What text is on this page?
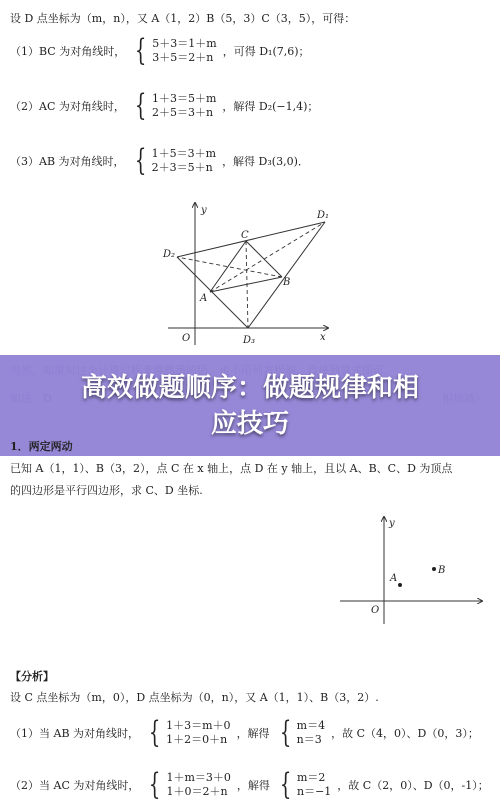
设 D 点坐标为（m，n），又 A（1，2）B（5，3）C（3，5），可得：
（1）BC 为对角线时， { 5＋3＝1＋m
3＋5＝2＋n ，可得 D₁(7,6)；
（2）AC 为对角线时， { 1＋3＝5＋m
2＋5＝3＋n ，解得 D₂(−1,4)；
（3）AB 为对角线时， { 1＋5＝3＋m
2＋3＝5＋n ，解得 D₃(3,0)．
y
x
O
A
B
C
D₁
D₂
D₃
高效做题顺序：做题规律和相
应技巧
1．两定两动
已知 A（1，1）、B（3，2），点 C 在 x 轴上，点 D 在 y 轴上，且以 A、B、C、D 为顶点
的四边形是平行四边形，求 C、D 坐标.
y
O
A
B
【分析】
设 C 点坐标为（m，0），D 点坐标为（0，n），又 A（1，1）、B（3，2）.
（1）当 AB 为对角线时， { 1＋3＝m＋0
1＋2＝0＋n ，解得 { m＝4
n＝3 ，故 C（4，0）、D（0，3）；
（2）当 AC 为对角线时， { 1＋m＝3＋0
1＋0＝2＋n ，解得 { m＝2
n＝−1 ，故 C（2，0）、D（0，-1）；
